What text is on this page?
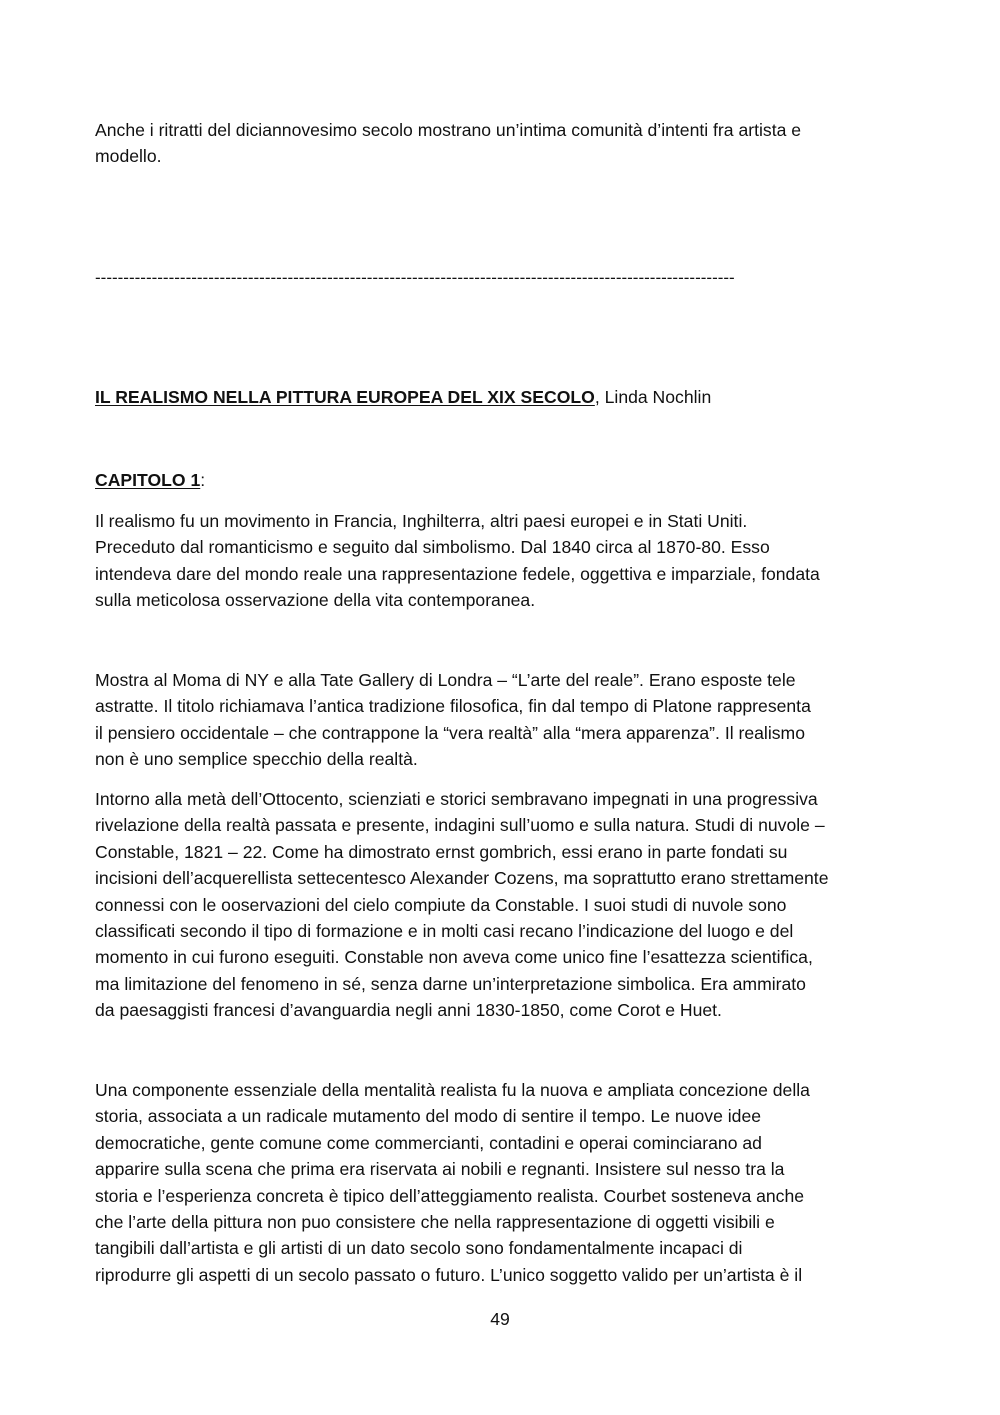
Anche i ritratti del diciannovesimo secolo mostrano un’intima comunità d’intenti fra artista e
modello.

-----------------------------------------------------------------------------------------------------------------

IL REALISMO NELLA PITTURA EUROPEA DEL XIX SECOLO, Linda Nochlin

CAPITOLO 1:

Il realismo fu un movimento in Francia, Inghilterra, altri paesi europei e in Stati Uniti.
Preceduto dal romanticismo e seguito dal simbolismo. Dal 1840 circa al 1870-80. Esso
intendeva dare del mondo reale una rappresentazione fedele, oggettiva e imparziale, fondata
sulla meticolosa osservazione della vita contemporanea.

Mostra al Moma di NY e alla Tate Gallery di Londra – “L’arte del reale”. Erano esposte tele
astratte. Il titolo richiamava l’antica tradizione filosofica, fin dal tempo di Platone rappresenta
il pensiero occidentale – che contrappone la “vera realtà” alla “mera apparenza”. Il realismo
non è uno semplice specchio della realtà.

Intorno alla metà dell’Ottocento, scienziati e storici sembravano impegnati in una progressiva
rivelazione della realtà passata e presente, indagini sull’uomo e sulla natura. Studi di nuvole –
Constable, 1821 – 22. Come ha dimostrato ernst gombrich, essi erano in parte fondati su
incisioni dell’acquerellista settecentesco Alexander Cozens, ma soprattutto erano strettamente
connessi con le ooservazioni del cielo compiute da Constable. I suoi studi di nuvole sono
classificati secondo il tipo di formazione e in molti casi recano l’indicazione del luogo e del
momento in cui furono eseguiti. Constable non aveva come unico fine l’esattezza scientifica,
ma limitazione del fenomeno in sé, senza darne un’interpretazione simbolica. Era ammirato
da paesaggisti francesi d’avanguardia negli anni 1830-1850, come Corot e Huet.

Una componente essenziale della mentalità realista fu la nuova e ampliata concezione della
storia, associata a un radicale mutamento del modo di sentire il tempo. Le nuove idee
democratiche, gente comune come commercianti, contadini e operai cominciarano ad
apparire sulla scena che prima era riservata ai nobili e regnanti. Insistere sul nesso tra la
storia e l’esperienza concreta è tipico dell’atteggiamento realista. Courbet sosteneva anche
che l’arte della pittura non puo consistere che nella rappresentazione di oggetti visibili e
tangibili dall’artista e gli artisti di un dato secolo sono fondamentalmente incapaci di
riprodurre gli aspetti di un secolo passato o futuro. L’unico soggetto valido per un’artista è il

49
